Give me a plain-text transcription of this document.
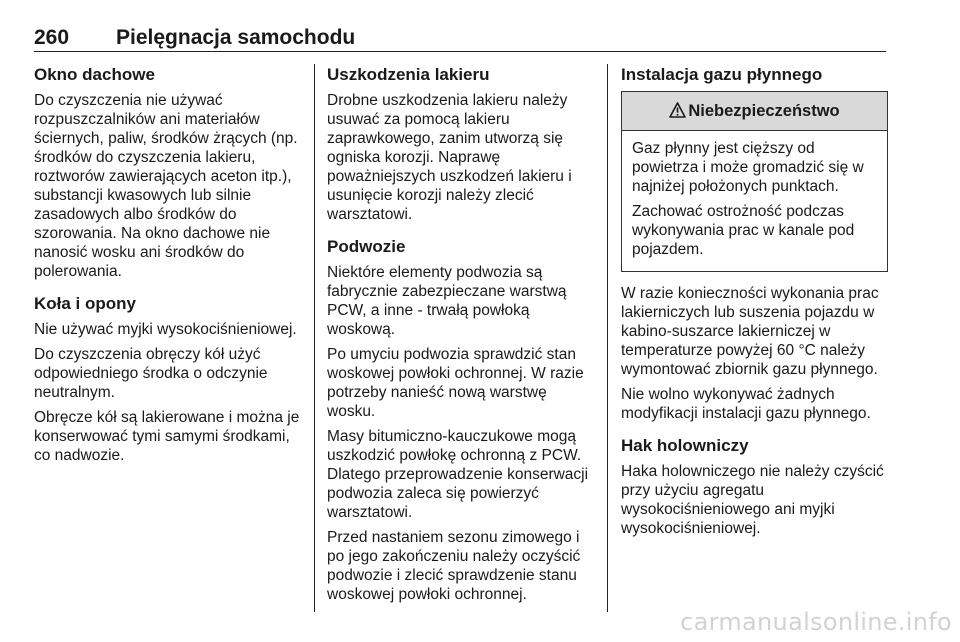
260 Pielęgnacja samochodu
Okno dachowe

Do czyszczenia nie używać rozpuszczalników ani materiałów ściernych, paliw, środków żrących (np. środków do czyszczenia lakieru, roztworów zawierających aceton itp.), substancji kwasowych lub silnie zasadowych albo środków do szorowania. Na okno dachowe nie nanosić wosku ani środków do polerowania.

Koła i opony

Nie używać myjki wysokociśnieniowej.

Do czyszczenia obręczy kół użyć odpowiedniego środka o odczynie neutralnym.

Obręcze kół są lakierowane i można je konserwować tymi samymi środkami, co nadwozie.

Uszkodzenia lakieru

Drobne uszkodzenia lakieru należy usuwać za pomocą lakieru zaprawkowego, zanim utworzą się ogniska korozji. Naprawę poważniejszych uszkodzeń lakieru i usunięcie korozji należy zlecić warsztatowi.

Podwozie

Niektóre elementy podwozia są fabrycznie zabezpieczane warstwą PCW, a inne - trwałą powłoką woskową.

Po umyciu podwozia sprawdzić stan woskowej powłoki ochronnej. W razie potrzeby nanieść nową warstwę wosku.

Masy bitumiczno-kauczukowe mogą uszkodzić powłokę ochronną z PCW. Dlatego przeprowadzenie konserwacji podwozia zaleca się powierzyć warsztatowi.

Przed nastaniem sezonu zimowego i po jego zakończeniu należy oczyścić podwozie i zlecić sprawdzenie stanu woskowej powłoki ochronnej.

Instalacja gazu płynnego
Niebezpieczeństwo

Gaz płynny jest cięższy od powietrza i może gromadzić się w najniżej położonych punktach.

Zachować ostrożność podczas wykonywania prac w kanale pod pojazdem.

W razie konieczności wykonania prac lakierniczych lub suszenia pojazdu w kabino-suszarce lakierniczej w temperaturze powyżej 60 °C należy wymontować zbiornik gazu płynnego.

Nie wolno wykonywać żadnych modyfikacji instalacji gazu płynnego.

Hak holowniczy

Haka holowniczego nie należy czyścić przy użyciu agregatu wysokociśnieniowego ani myjki wysokociśnieniowej.

carmanualsonline.info
